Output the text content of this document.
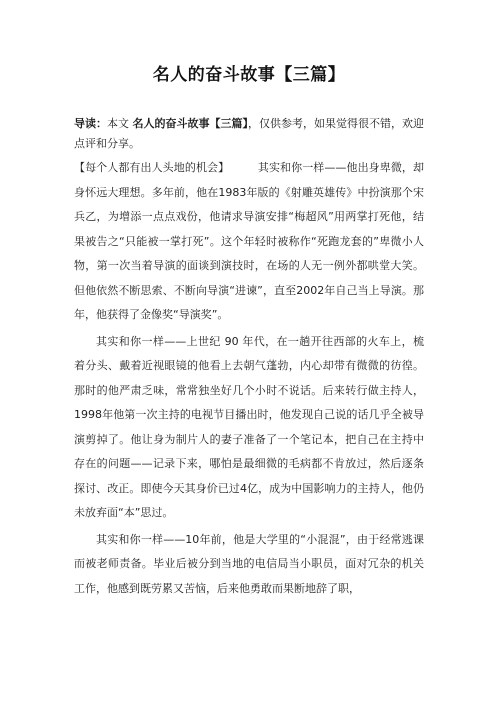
名人的奋斗故事【三篇】

导读：本文 名人的奋斗故事【三篇】，仅供参考，如果觉得很不错，欢迎点评和分享。

【每个人都有出人头地的机会】	其实和你一样——他出身卑微，却身怀远大理想。多年前，他在1983年版的《射雕英雄传》中扮演那个宋兵乙，为增添一点点戏份，他请求导演安排“梅超风”用两掌打死他，结果被告之“只能被一掌打死”。这个年轻时被称作“死跑龙套的”卑微小人物，第一次当着导演的面谈到演技时，在场的人无一例外都哄堂大笑。但他依然不断思索、不断向导演“进谏”，直至2002年自己当上导演。那年，他获得了金像奖“导演奖”。

其实和你一样——上世纪 90 年代，在一趟开往西部的火车上，梳着分头、戴着近视眼镜的他看上去朝气蓬勃，内心却带有微微的彷徨。那时的他严肃乏味，常常独坐好几个小时不说话。后来转行做主持人，1998年他第一次主持的电视节目播出时，他发现自己说的话几乎全被导演剪掉了。他让身为制片人的妻子准备了一个笔记本，把自己在主持中存在的问题——记录下来，哪怕是最细微的毛病都不肯放过，然后逐条探讨、改正。即使今天其身价已过4亿，成为中国影响力的主持人，他仍未放弃面“本”思过。

其实和你一样——10年前，他是大学里的“小混混”，由于经常逃课而被老师责备。毕业后被分到当地的电信局当小职员，面对冗杂的机关工作，他感到既劳累又苦恼，后来他勇敢而果断地辞了职，
